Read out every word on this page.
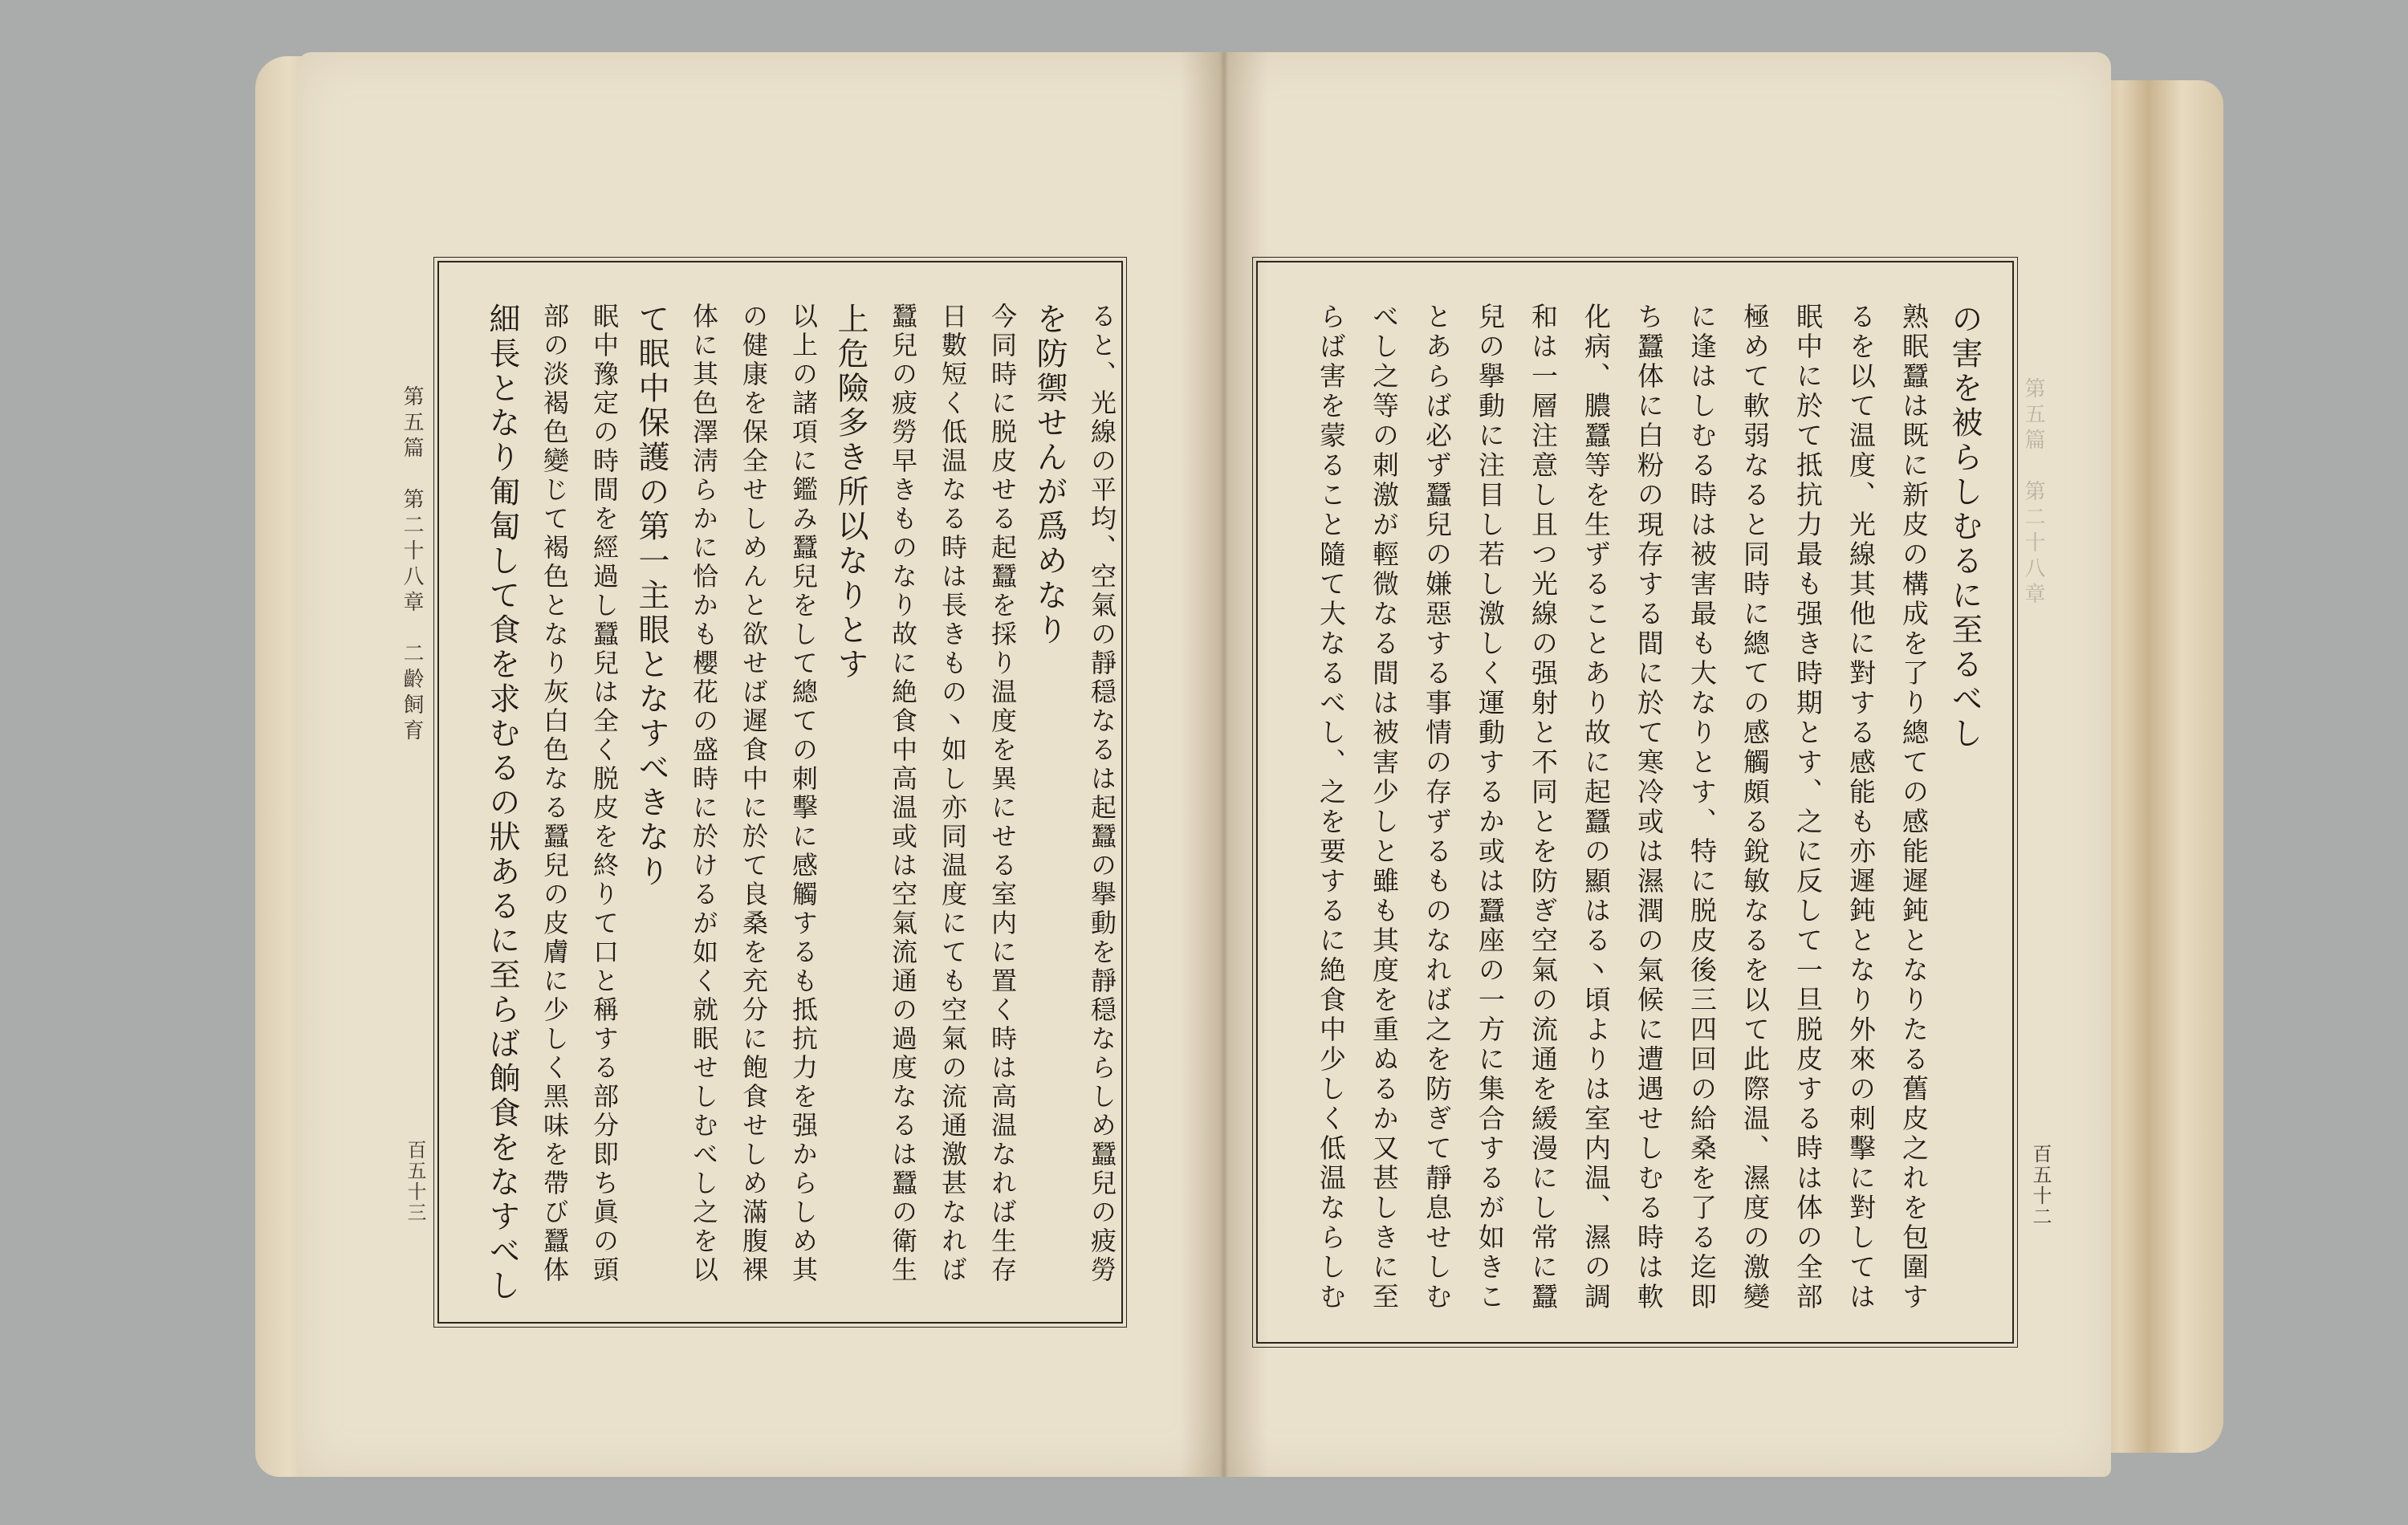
第五篇　第二十八章　二齡飼育
百五十三
第五篇　第二十八章
百五十二
ると、光線の平均、空氣の靜穏なるは起蠶の擧動を靜穏ならしめ蠶兒の疲勞
を防禦せんが爲めなり
今同時に脱皮せる起蠶を採り温度を異にせる室内に置く時は高温なれば生存
日數短く低温なる時は長きもの丶如し亦同温度にても空氣の流通激甚なれば
蠶兒の疲勞早きものなり故に絶食中高温或は空氣流通の過度なるは蠶の衛生
上危險多き所以なりとす
以上の諸項に鑑み蠶兒をして總ての刺擊に感觸するも抵抗力を强からしめ其
の健康を保全せしめんと欲せば遲食中に於て良桑を充分に飽食せしめ滿腹裸
体に其色澤淸らかに恰かも櫻花の盛時に於けるが如く就眠せしむべし之を以
て眠中保護の第一主眼となすべきなり
眠中豫定の時間を經過し蠶兒は全く脱皮を終りて口と稱する部分即ち眞の頭
部の淡褐色變じて褐色となり灰白色なる蠶兒の皮膚に少しく黑味を帶び蠶体
細長となり匍匐して食を求むるの狀あるに至らば餉食をなすべし	の害を被らしむるに至るべし
熟眠蠶は既に新皮の構成を了り總ての感能遲鈍となりたる舊皮之れを包圍す
るを以て温度、光線其他に對する感能も亦遲鈍となり外來の刺擊に對しては
眠中に於て抵抗力最も强き時期とす、之に反して一旦脱皮する時は体の全部
極めて軟弱なると同時に總ての感觸頗る銳敏なるを以て此際温、濕度の激變
に逢はしむる時は被害最も大なりとす、特に脱皮後三四回の給桑を了る迄即
ち蠶体に白粉の現存する間に於て寒冷或は濕潤の氣候に遭遇せしむる時は軟
化病、膿蠶等を生ずることあり故に起蠶の顯はる丶頃よりは室内温、濕の調
和は一層注意し且つ光線の强射と不同とを防ぎ空氣の流通を緩漫にし常に蠶
兒の擧動に注目し若し激しく運動するか或は蠶座の一方に集合するが如きこ
とあらば必ず蠶兒の嫌惡する事情の存ずるものなれば之を防ぎて靜息せしむ
べし之等の刺激が輕微なる間は被害少しと雖も其度を重ぬるか又甚しきに至
らば害を蒙ること隨て大なるべし、之を要するに絶食中少しく低温ならしむ
